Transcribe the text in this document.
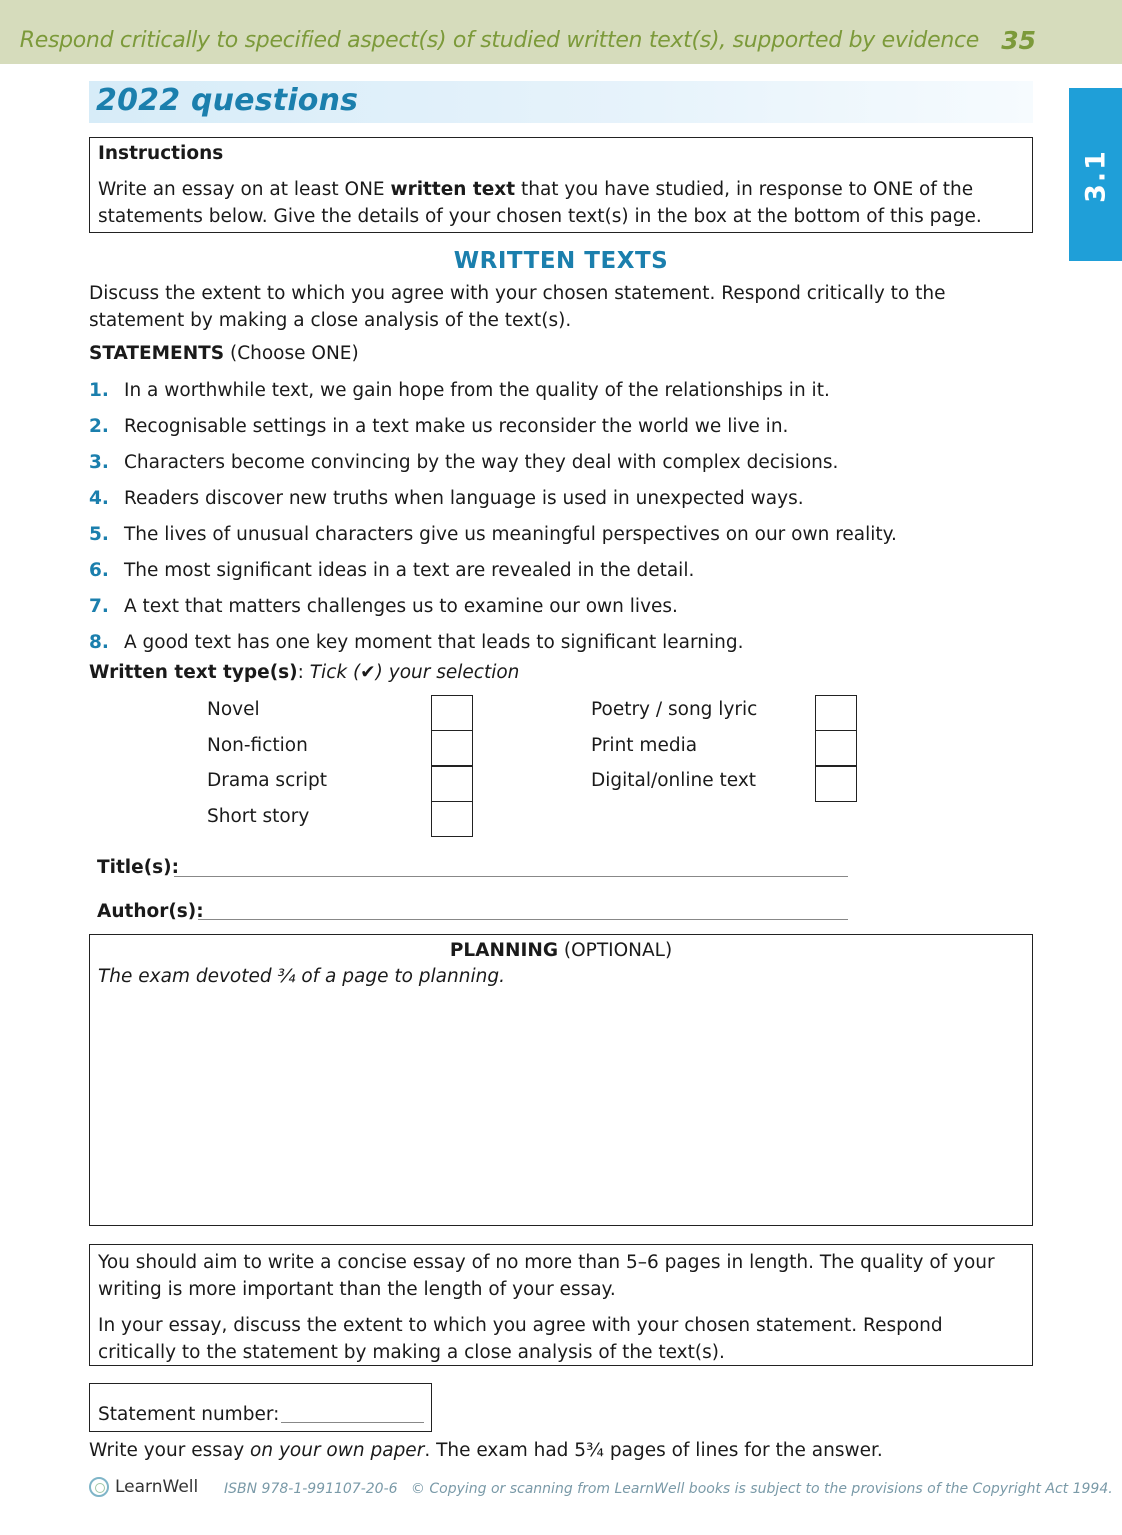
Respond critically to specified aspect(s) of studied written text(s), supported by evidence 35
3.1
2022 questions
Instructions
Write an essay on at least ONE written text that you have studied, in response to ONE of the statements below. Give the details of your chosen text(s) in the box at the bottom of this page.
WRITTEN TEXTS
Discuss the extent to which you agree with your chosen statement. Respond critically to the statement by making a close analysis of the text(s).
STATEMENTS (Choose ONE)
1. In a worthwhile text, we gain hope from the quality of the relationships in it.
2. Recognisable settings in a text make us reconsider the world we live in.
3. Characters become convincing by the way they deal with complex decisions.
4. Readers discover new truths when language is used in unexpected ways.
5. The lives of unusual characters give us meaningful perspectives on our own reality.
6. The most significant ideas in a text are revealed in the detail.
7. A text that matters challenges us to examine our own lives.
8. A good text has one key moment that leads to significant learning.
Written text type(s): Tick (✔) your selection
Novel
Non-fiction
Drama script
Short story
Poetry / song lyric
Print media
Digital/online text
Title(s):
Author(s):
PLANNING (OPTIONAL)
The exam devoted ¾ of a page to planning.

You should aim to write a concise essay of no more than 5–6 pages in length. The quality of your writing is more important than the length of your essay.

In your essay, discuss the extent to which you agree with your chosen statement. Respond critically to the statement by making a close analysis of the text(s).

Statement number:
Write your essay on your own paper. The exam had 5¾ pages of lines for the answer.
LearnWell ISBN 978-1-991107-20-6 © Copying or scanning from LearnWell books is subject to the provisions of the Copyright Act 1994.
